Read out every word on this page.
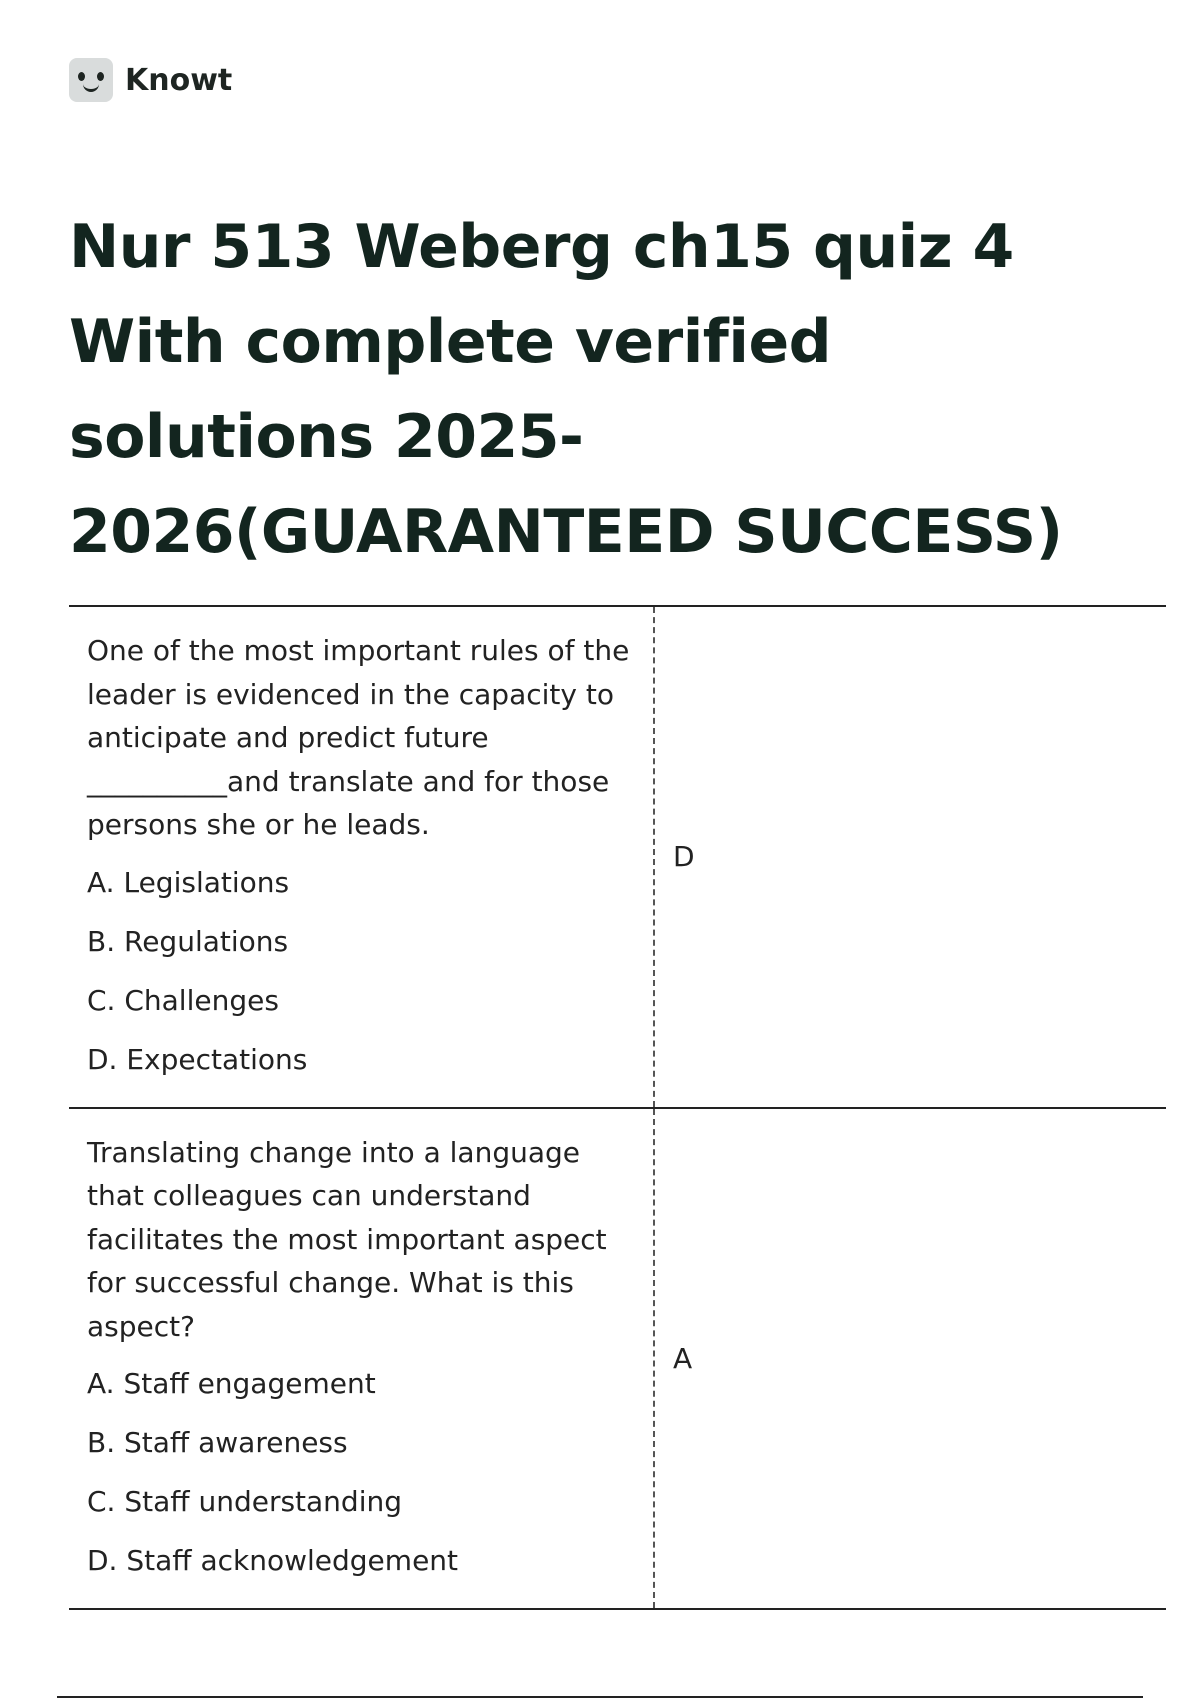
Knowt
Nur 513 Weberg ch15 quiz 4 With complete verified solutions 2025-2026(GUARANTEED SUCCESS)

One of the most important rules of the leader is evidenced in the capacity to anticipate and predict future __________and translate and for those persons she or he leads.

A. Legislations

B. Regulations

C. Challenges

D. Expectations	D

Translating change into a language that colleagues can understand facilitates the most important aspect for successful change. What is this aspect?

A. Staff engagement

B. Staff awareness

C. Staff understanding

D. Staff acknowledgement	A
